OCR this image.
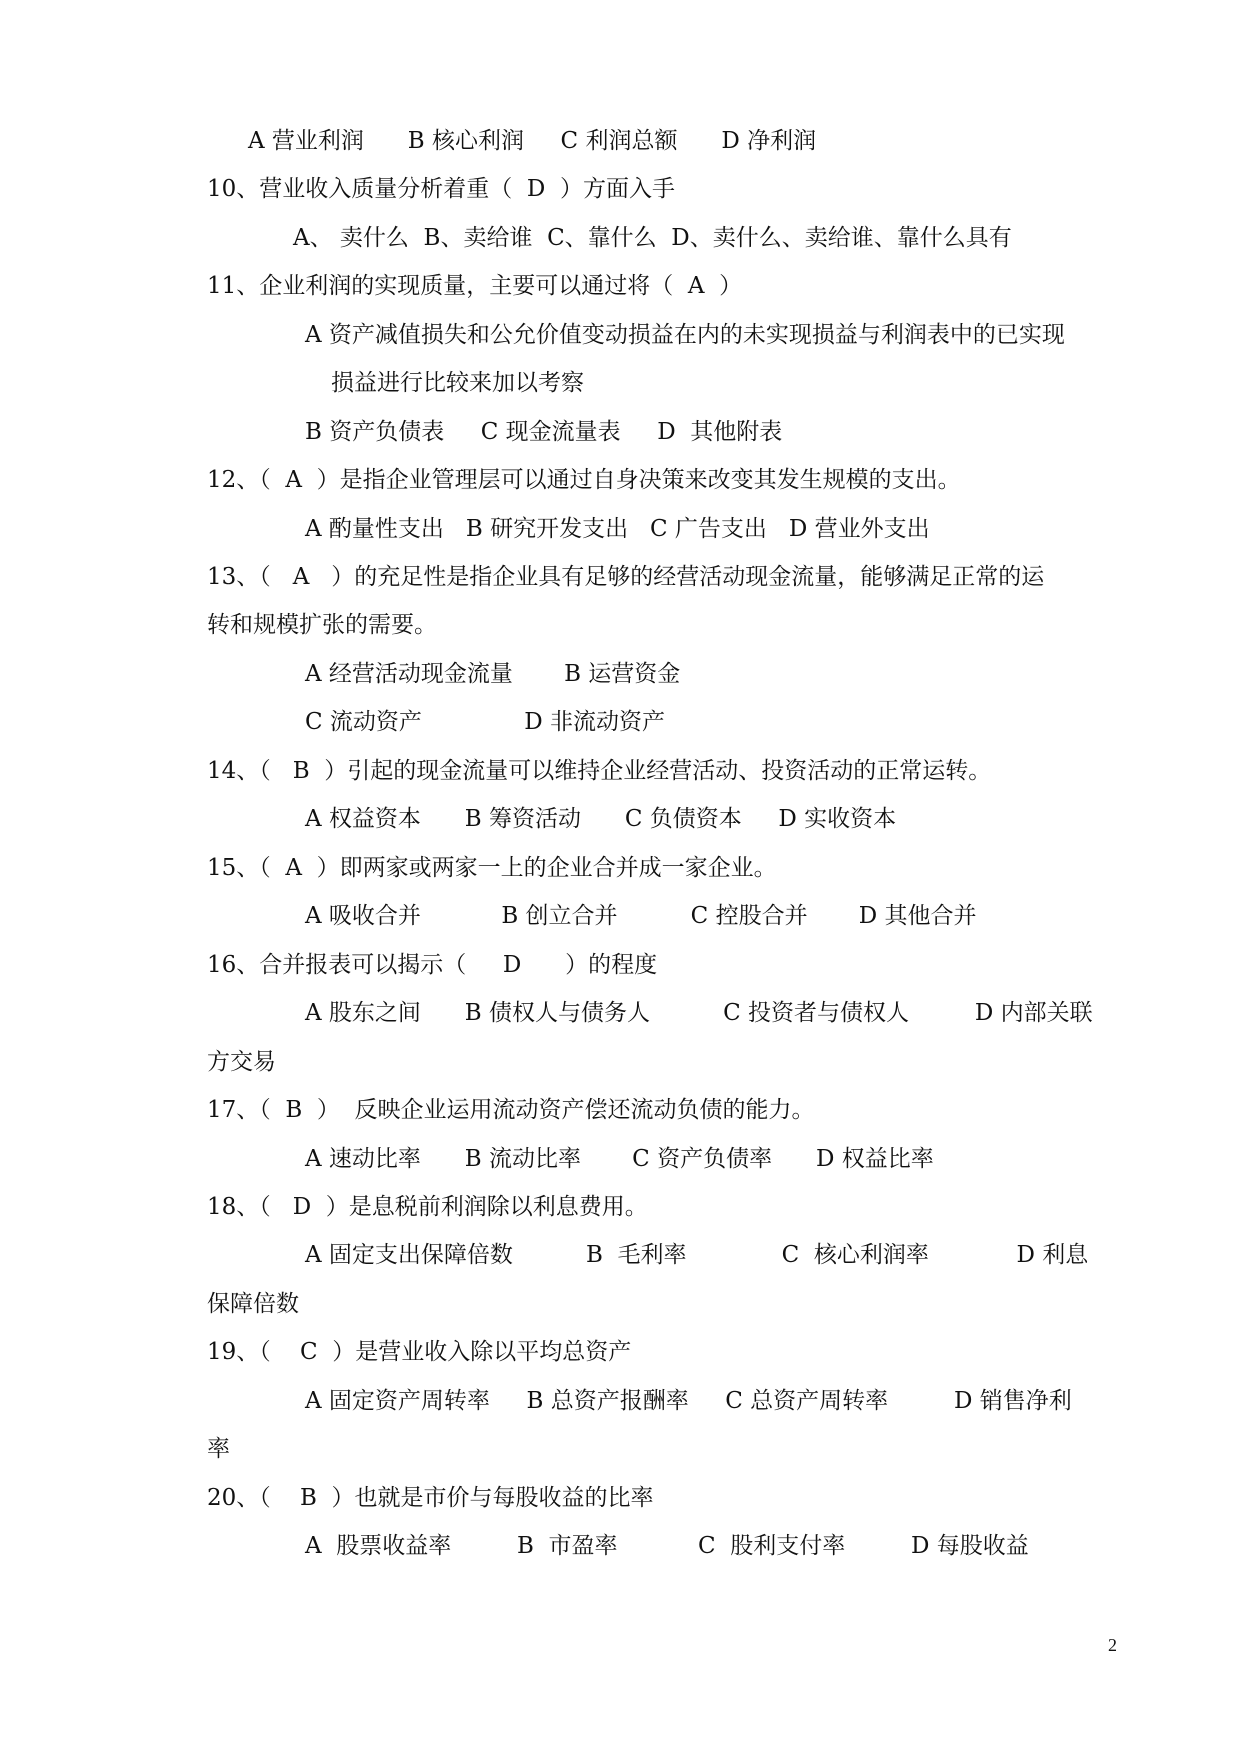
A 营业利润      B 核心利润     C 利润总额      D 净利润
10、营业收入质量分析着重（  D  ）方面入手
A、 卖什么  B、卖给谁  C、靠什么  D、卖什么、卖给谁、靠什么具有
11、企业利润的实现质量，主要可以通过将（  A  ）
A 资产减值损失和公允价值变动损益在内的未实现损益与利润表中的已实现
损益进行比较来加以考察
B 资产负债表     C 现金流量表     D  其他附表
12、（  A  ）是指企业管理层可以通过自身决策来改变其发生规模的支出。
A 酌量性支出   B 研究开发支出   C 广告支出   D 营业外支出
13、（   A   ）的充足性是指企业具有足够的经营活动现金流量，能够满足正常的运
转和规模扩张的需要。
A 经营活动现金流量       B 运营资金
C 流动资产              D 非流动资产
14、（   B  ）引起的现金流量可以维持企业经营活动、投资活动的正常运转。
A 权益资本      B 筹资活动      C 负债资本     D 实收资本
15、（  A  ）即两家或两家一上的企业合并成一家企业。
A 吸收合并           B 创立合并          C 控股合并       D 其他合并
16、合并报表可以揭示（     D      ）的程度
A 股东之间      B 债权人与债务人          C 投资者与债权人         D 内部关联
方交易
17、（  B  ）  反映企业运用流动资产偿还流动负债的能力。
A 速动比率      B 流动比率       C 资产负债率      D 权益比率
18、（   D  ）是息税前利润除以利息费用。
A 固定支出保障倍数          B  毛利率             C  核心利润率            D 利息
保障倍数
19、（    C  ）是营业收入除以平均总资产
A 固定资产周转率     B 总资产报酬率     C 总资产周转率         D 销售净利
率
20、（    B  ）也就是市价与每股收益的比率
A  股票收益率         B  市盈率           C  股利支付率         D 每股收益
2
